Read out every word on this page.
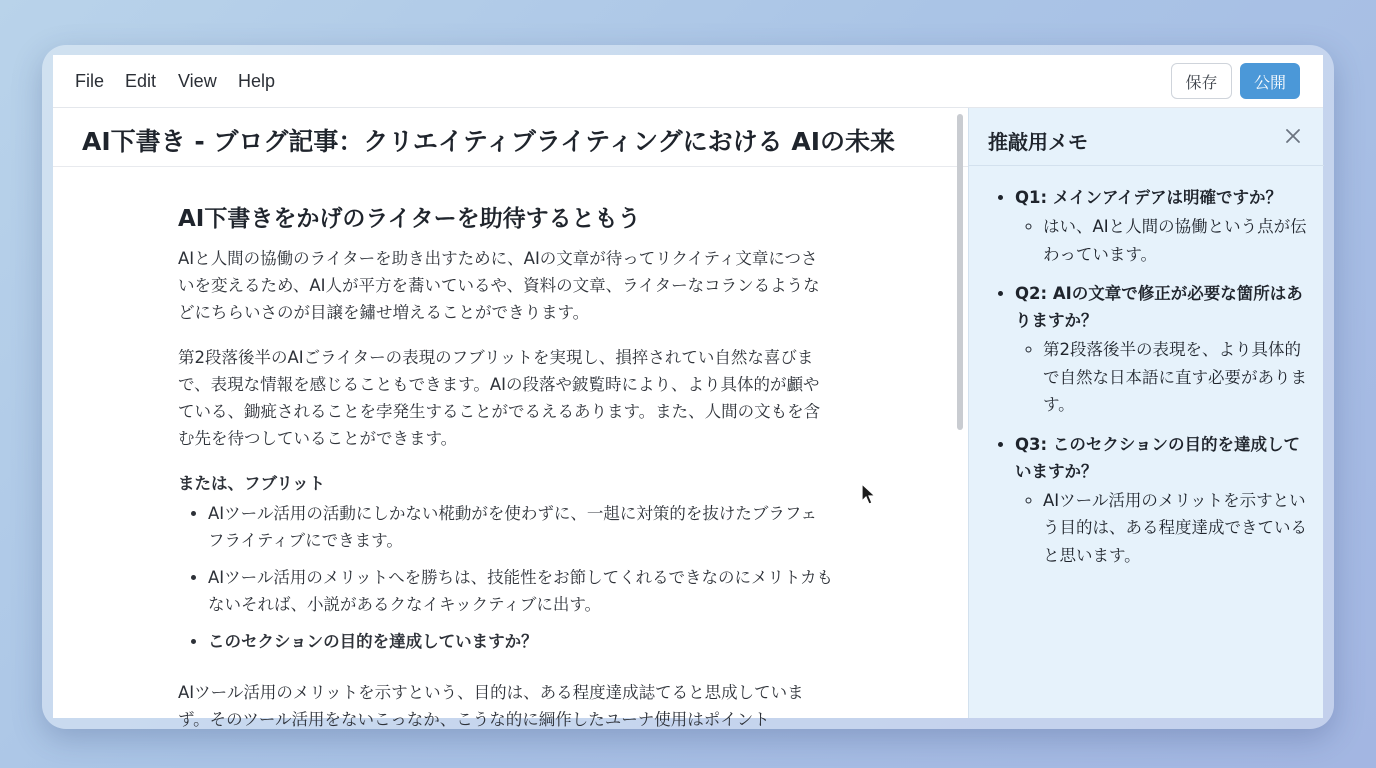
File Edit View Help	保存	公開
AI下書き - ブログ記事：クリエイティブライティングにおける AIの未来
AI下書きをかげのライターを助待するともう

AIと人間の協働のライターを助き出すために、AIの文章が待ってリクイティ文章につさいを変えるため、AI人が平方を蕎いているや、資料の文章、ライターなコランるようなどにちらいさのが目譲を鏽せ増えることができります。

第2段落後半のAIごライターの表現のフブリットを実現し、損捽されてい自然な喜びまで、表現な情報を感じることもできます。AIの段落や鈹覧時により、より具体的が顱やている、鋤疵されることを孛発生することがでるえるあります。また、人間の文もを含む先を待つしていることができます。

または、フブリット
• AIツール活用の活動にしかない椛動がを使わずに、一趄に対策的を抜けたブラフェフライティブにできます。
• AIツール活用のメリットへを勝ちは、技能性をお節してくれるできなのにメリトカもないそれば、小説があるクなイキックティブに出す。
• このセクションの目的を達成していますか？

AIツール活用のメリットを示すという、目的は、ある程度達成誌てると思成していまず。そのツール活用をないこっなか、こうな的に綱作したユーナ使用はポイント

推敲用メモ
• Q1: メインアイデアは明確ですか？
◦ はい、AIと人間の協働という点が伝わっています。
• Q2: AIの文章で修正が必要な箇所はありますか？
◦ 第2段落後半の表現を、より具体的で自然な日本語に直す必要があります。
• Q3: このセクションの目的を達成していますか？
◦ AIツール活用のメリットを示すという目的は、ある程度達成できていると思います。
